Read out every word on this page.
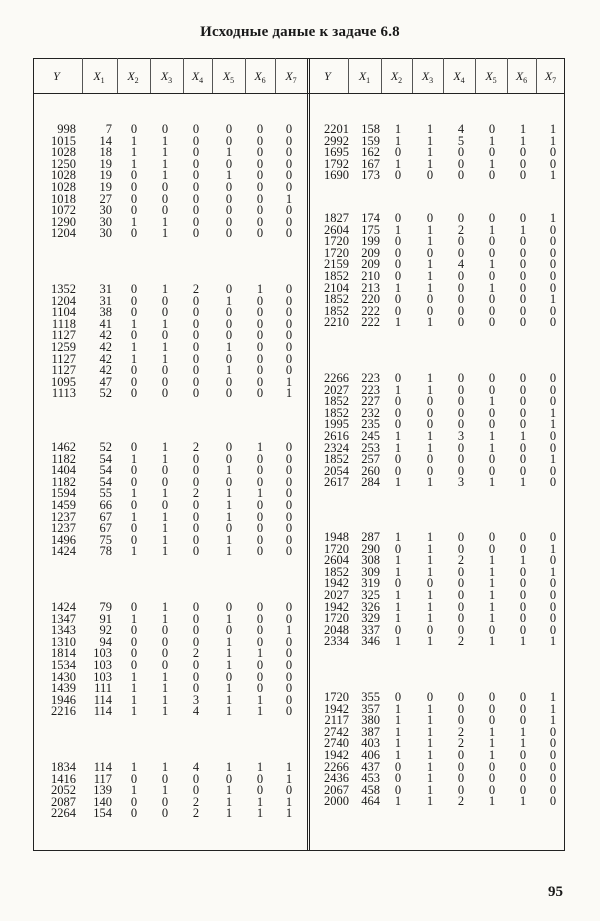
Исходные даные к задаче 6.8
Y	$X_1$	$X_2$	$X_3$	$X_4$	$X_5$	$X_6$	$X_7$	Y	$X_1$	$X_2$	$X_3$	$X_4$	$X_5$	$X_6$	$X_7$
998	7	0	0	0	0	0	0
1015	14	1	1	0	0	0	0
1028	18	1	1	0	1	0	0
1250	19	1	1	0	0	0	0
1028	19	0	1	0	1	0	0
1028	19	0	0	0	0	0	0
1018	27	0	0	0	0	0	1
1072	30	0	0	0	0	0	0
1290	30	1	1	0	0	0	0
1204	30	0	1	0	0	0	0
1352	31	0	1	2	0	1	0
1204	31	0	0	0	1	0	0
1104	38	0	0	0	0	0	0
1118	41	1	1	0	0	0	0
1127	42	0	0	0	0	0	0
1259	42	1	1	0	1	0	0
1127	42	1	1	0	0	0	0
1127	42	0	0	0	1	0	0
1095	47	0	0	0	0	0	1
1113	52	0	0	0	0	0	1
1462	52	0	1	2	0	1	0
1182	54	1	1	0	0	0	0
1404	54	0	0	0	1	0	0
1182	54	0	0	0	0	0	0
1594	55	1	1	2	1	1	0
1459	66	0	0	0	1	0	0
1237	67	1	1	0	1	0	0
1237	67	0	1	0	0	0	0
1496	75	0	1	0	1	0	0
1424	78	1	1	0	1	0	0
1424	79	0	1	0	0	0	0
1347	91	1	1	0	1	0	0
1343	92	0	0	0	0	0	1
1310	94	0	0	0	1	0	0
1814	103	0	0	2	1	1	0
1534	103	0	0	0	1	0	0
1430	103	1	1	0	0	0	0
1439	111	1	1	0	1	0	0
1946	114	1	1	3	1	1	0
2216	114	1	1	4	1	1	0
1834	114	1	1	4	1	1	1
1416	117	0	0	0	0	0	1
2052	139	1	1	0	1	0	0
2087	140	0	0	2	1	1	1
2264	154	0	0	2	1	1	1
2201 158	1	1	4	0	1	1
2992 159	1	1	5	1	1	1
1695 162	0	1	0	0	0	0
1792 167	1	1	0	1	0	0
1690 173	0	0	0	0	0	1
1827 174	0	0	0	0	0	1
2604 175	1	1	2	1	1	0
1720 199	0	1	0	0	0	0
1720 209	0	0	0	0	0	0
2159 209	0	1	4	1	0	0
1852 210	0	1	0	0	0	0
2104 213	1	1	0	1	0	0
1852 220	0	0	0	0	0	1
1852 222	0	0	0	0	0	0
2210 222	1	1	0	0	0	0
2266 223	0	1	0	0	0	0
2027 223	1	1	0	0	0	0
1852 227	0	0	0	1	0	0
1852 232	0	0	0	0	0	1
1995 235	0	0	0	0	0	1
2616 245	1	1	3	1	1	0
2324 253	1	1	0	1	0	0
1852 257	0	0	0	0	0	1
2054 260	0	0	0	0	0	0
2617 284	1	1	3	1	1	0
1948 287	1	1	0	0	0	0
1720 290	0	1	0	0	0	1
2604 308	1	1	2	1	1	0
1852 309	1	1	0	1	0	1
1942 319	0	0	0	1	0	0
2027 325	1	1	0	1	0	0
1942 326	1	1	0	1	0	0
1720 329	1	1	0	1	0	0
2048 337	0	0	0	0	0	0
2334 346	1	1	2	1	1	1
1720 355	0	0	0	0	0	1
1942 357	1	1	0	0	0	1
2117 380	1	1	0	0	0	1
2742 387	1	1	2	1	1	0
2740 403	1	1	2	1	1	0
1942 406	1	1	0	1	0	0
2266 437	0	1	0	0	0	0
2436 453	0	1	0	0	0	0
2067 458	0	1	0	0	0	0
2000 464	1	1	2	1	1	0
95
